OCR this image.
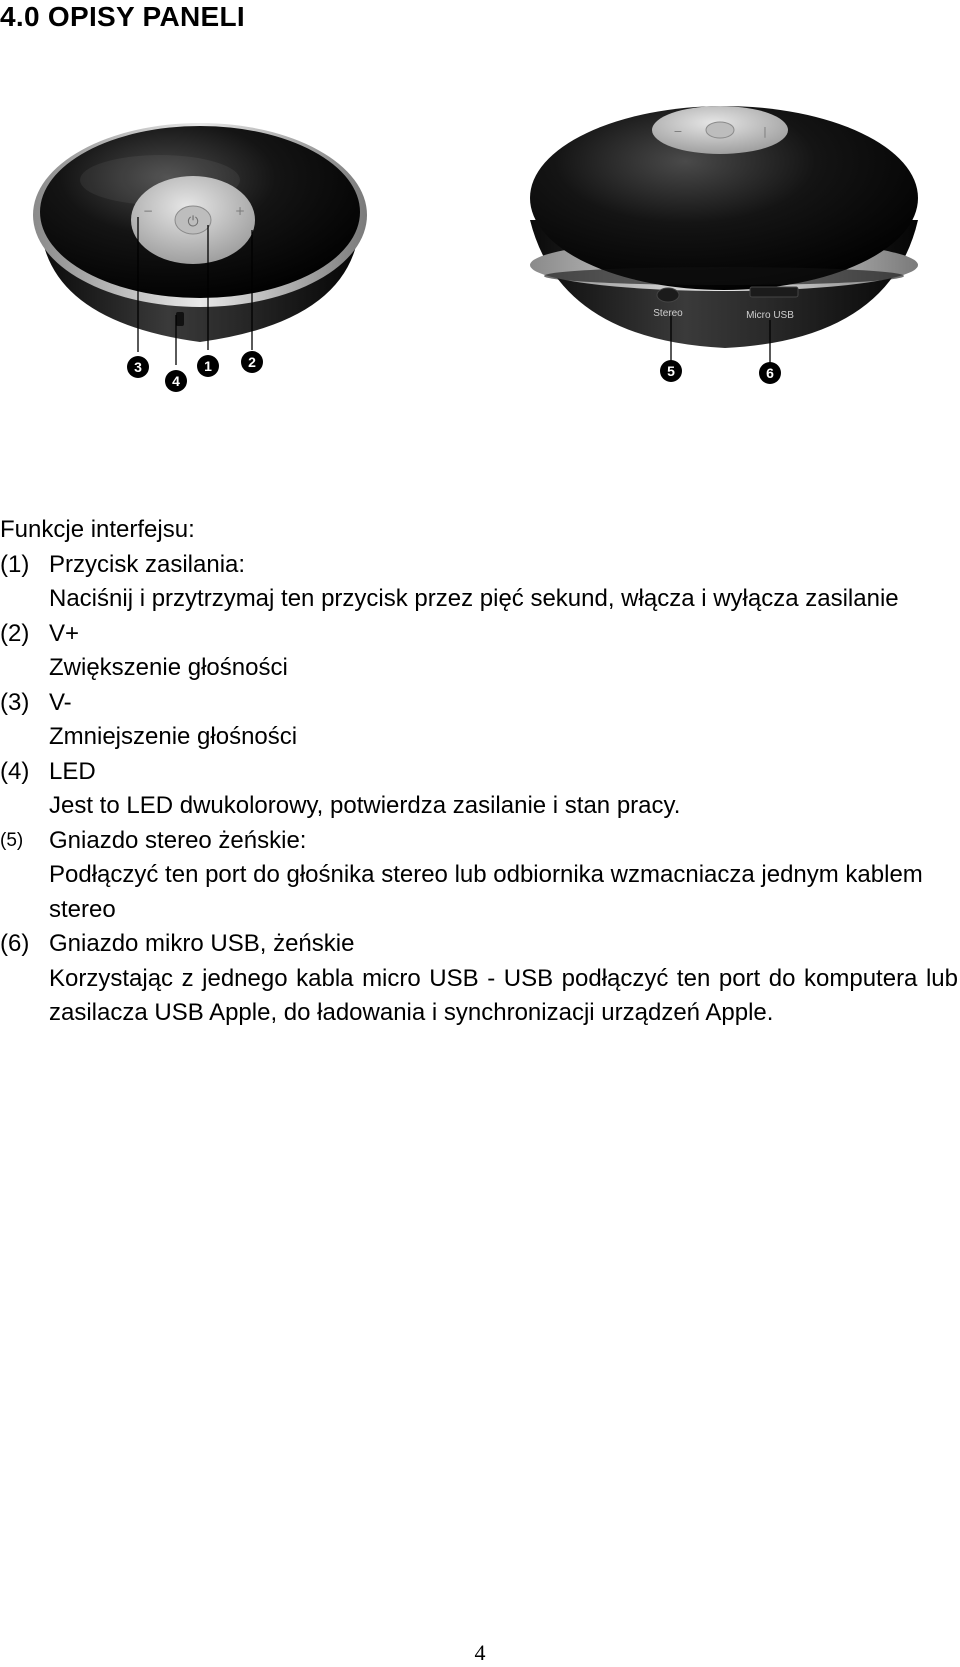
4.0 OPISY PANELI
⏻
−	+
3
4
1	2
−	|
Stereo	Micro USB
5	6
Funkcje interfejsu:
(1) Przycisk zasilania:
Naciśnij i przytrzymaj ten przycisk przez pięć sekund, włącza i wyłącza zasilanie
(2) V+
Zwiększenie głośności
(3) V-
Zmniejszenie głośności
(4) LED
Jest to LED dwukolorowy, potwierdza zasilanie i stan pracy.
(5)	Gniazdo stereo żeńskie:
Podłączyć ten port do głośnika stereo lub odbiornika wzmacniacza jednym kablem stereo
(6) Gniazdo mikro USB, żeńskie
Korzystając z jednego kabla micro USB - USB podłączyć ten port do komputera lub zasilacza USB Apple, do ładowania i synchronizacji urządzeń Apple.
4
